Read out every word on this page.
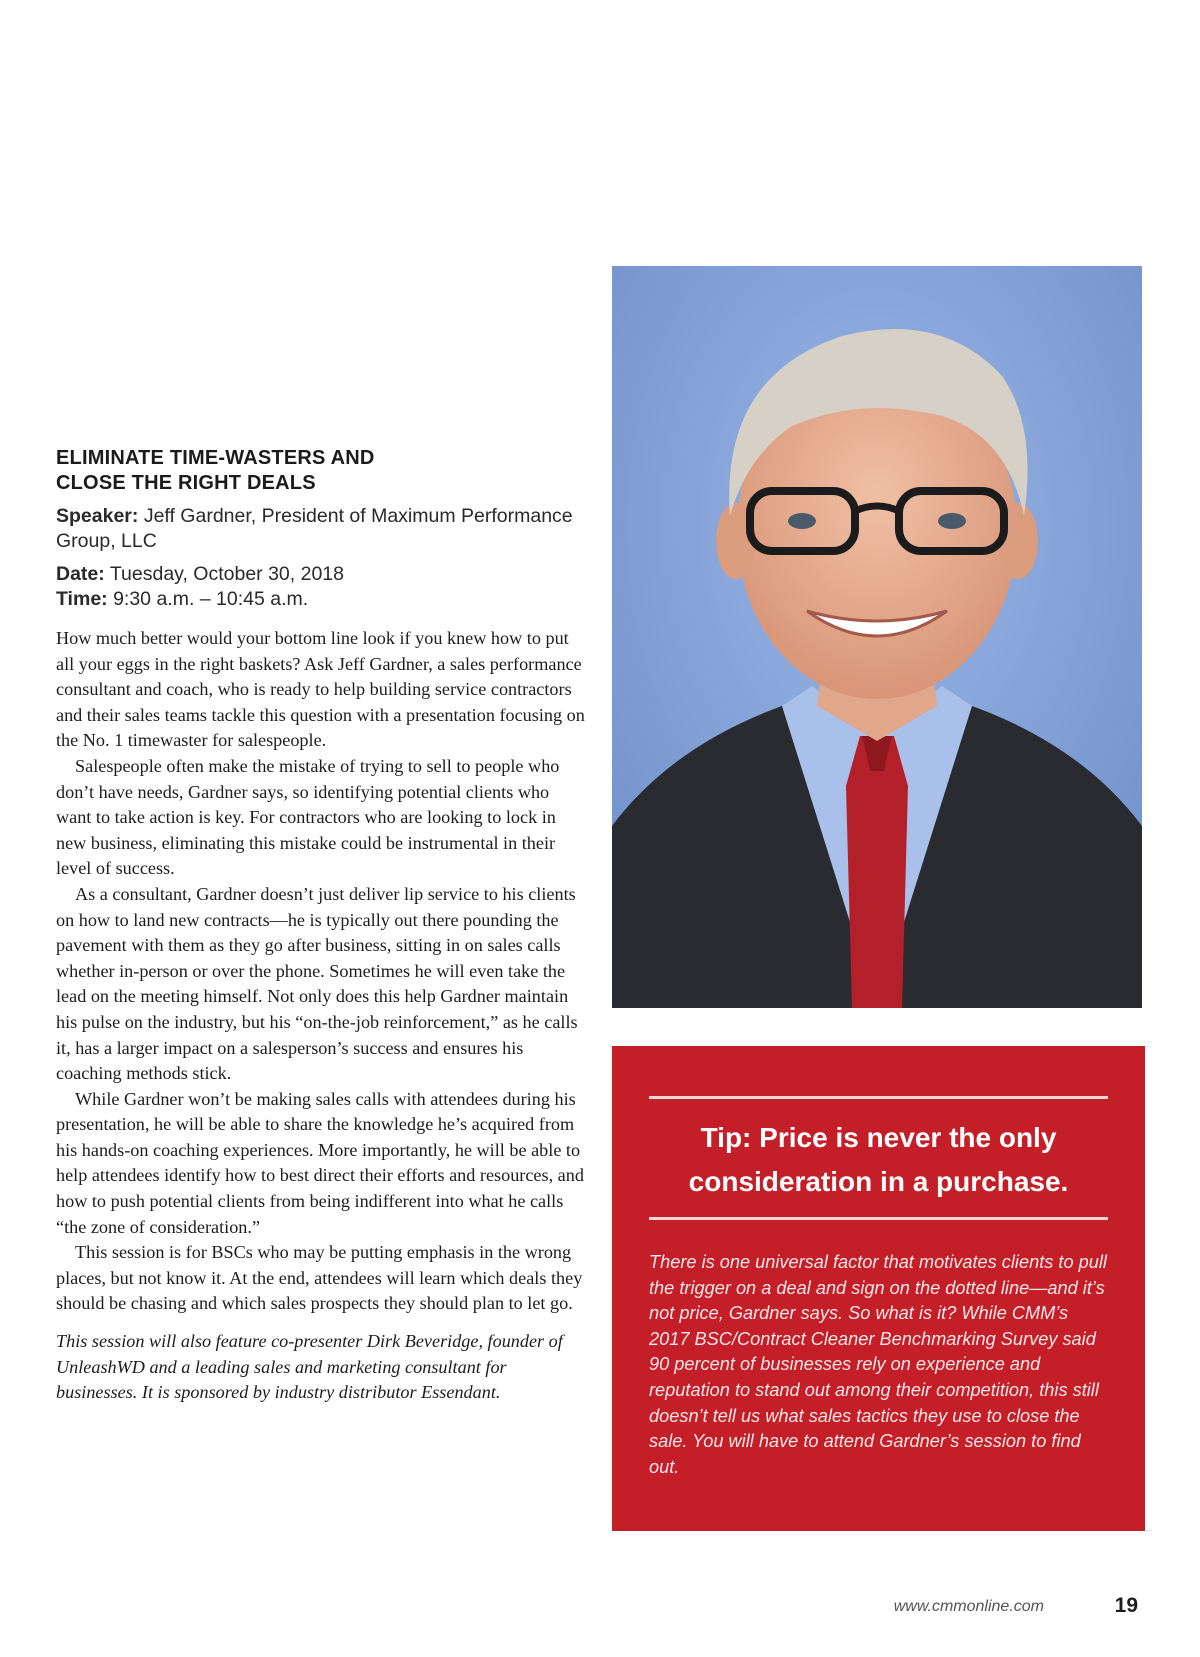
ELIMINATE TIME-WASTERS AND
CLOSE THE RIGHT DEALS
Speaker: Jeff Gardner, President of Maximum Performance Group, LLC
Date: Tuesday, October 30, 2018
Time: 9:30 a.m. – 10:45 a.m.

How much better would your bottom line look if you knew how to put all your eggs in the right baskets? Ask Jeff Gardner, a sales performance consultant and coach, who is ready to help building service contractors and their sales teams tackle this question with a presentation focusing on the No. 1 timewaster for salespeople.

Salespeople often make the mistake of trying to sell to people who don’t have needs, Gardner says, so identifying potential clients who want to take action is key. For contractors who are looking to lock in new business, eliminating this mistake could be instrumental in their level of success.

As a consultant, Gardner doesn’t just deliver lip service to his clients on how to land new contracts—he is typically out there pounding the pavement with them as they go after business, sitting in on sales calls whether in-person or over the phone. Sometimes he will even take the lead on the meeting himself. Not only does this help Gardner maintain his pulse on the industry, but his “on-the-job reinforcement,” as he calls it, has a larger impact on a salesperson’s success and ensures his coaching methods stick.

While Gardner won’t be making sales calls with attendees during his presentation, he will be able to share the knowledge he’s acquired from his hands-on coaching experiences. More importantly, he will be able to help attendees identify how to best direct their efforts and resources, and how to push potential clients from being indifferent into what he calls “the zone of consideration.”

This session is for BSCs who may be putting emphasis in the wrong places, but not know it. At the end, attendees will learn which deals they should be chasing and which sales prospects they should plan to let go.

This session will also feature co-presenter Dirk Beveridge, founder of UnleashWD and a leading sales and marketing consultant for businesses. It is sponsored by industry distributor Essendant.
Tip: Price is never the only
consideration in a purchase.
There is one universal factor that motivates clients to pull the trigger on a deal and sign on the dotted line—and it’s not price, Gardner says. So what is it? While CMM’s 2017 BSC/Contract Cleaner Benchmarking Survey said 90 percent of businesses rely on experience and reputation to stand out among their competition, this still doesn’t tell us what sales tactics they use to close the sale. You will have to attend Gardner’s session to find out.
www.cmmonline.com	19
